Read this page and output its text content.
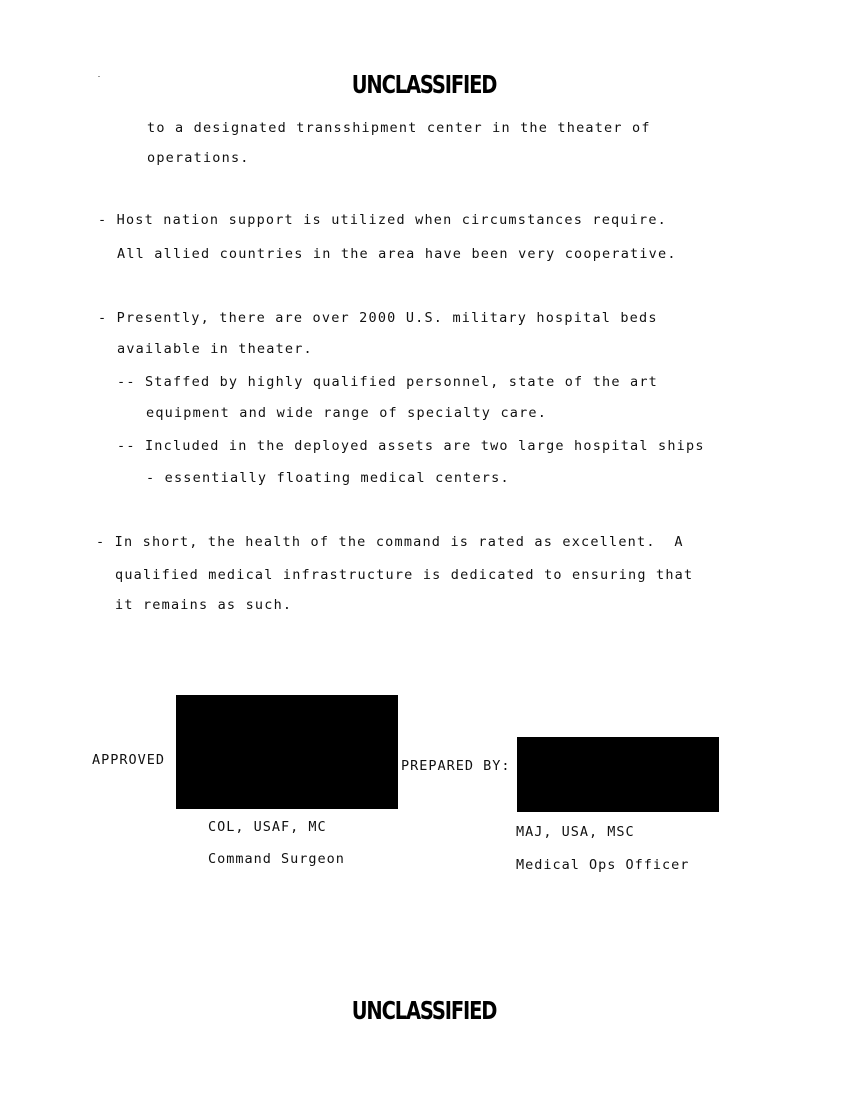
UNCLASSIFIED
to a designated transshipment center in the theater of
operations.
- Host nation support is utilized when circumstances require.
All allied countries in the area have been very cooperative.
- Presently, there are over 2000 U.S. military hospital beds
available in theater.
-- Staffed by highly qualified personnel, state of the art
equipment and wide range of specialty care.
-- Included in the deployed assets are two large hospital ships
- essentially floating medical centers.
- In short, the health of the command is rated as excellent.  A
qualified medical infrastructure is dedicated to ensuring that
it remains as such.
APPROVED
COL, USAF, MC
Command Surgeon
PREPARED BY:
MAJ, USA, MSC
Medical Ops Officer
UNCLASSIFIED
